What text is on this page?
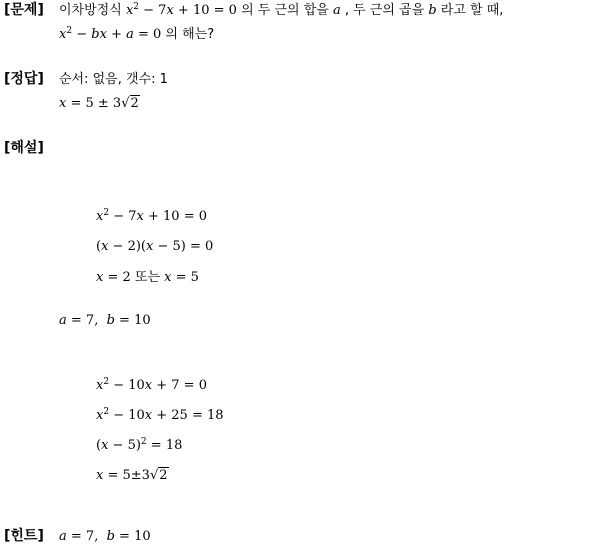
[문제]
[정답]
[해설]
[힌트]
이차방정식 $x^2 - 7x + 10 = 0$ 의 두 근의 합을 a , 두 근의 곱을 b 라고 할 때,
$x^2$ − bx + a = 0 의 해는?
순서: 없음, 갯수: 1
x = 5 ± 3√2
$x^2 - 7x + 10 = 0$
(x − 2)(x − 5) = 0
x = 2 또는 x = 5
a = 7,  b = 10
$x^2 - 10x + 7 = 0$
$x^2 - 10x + 25 = 18$
$(x - 5)^2 = 18$
x = 5±3√2
a = 7,  b = 10
